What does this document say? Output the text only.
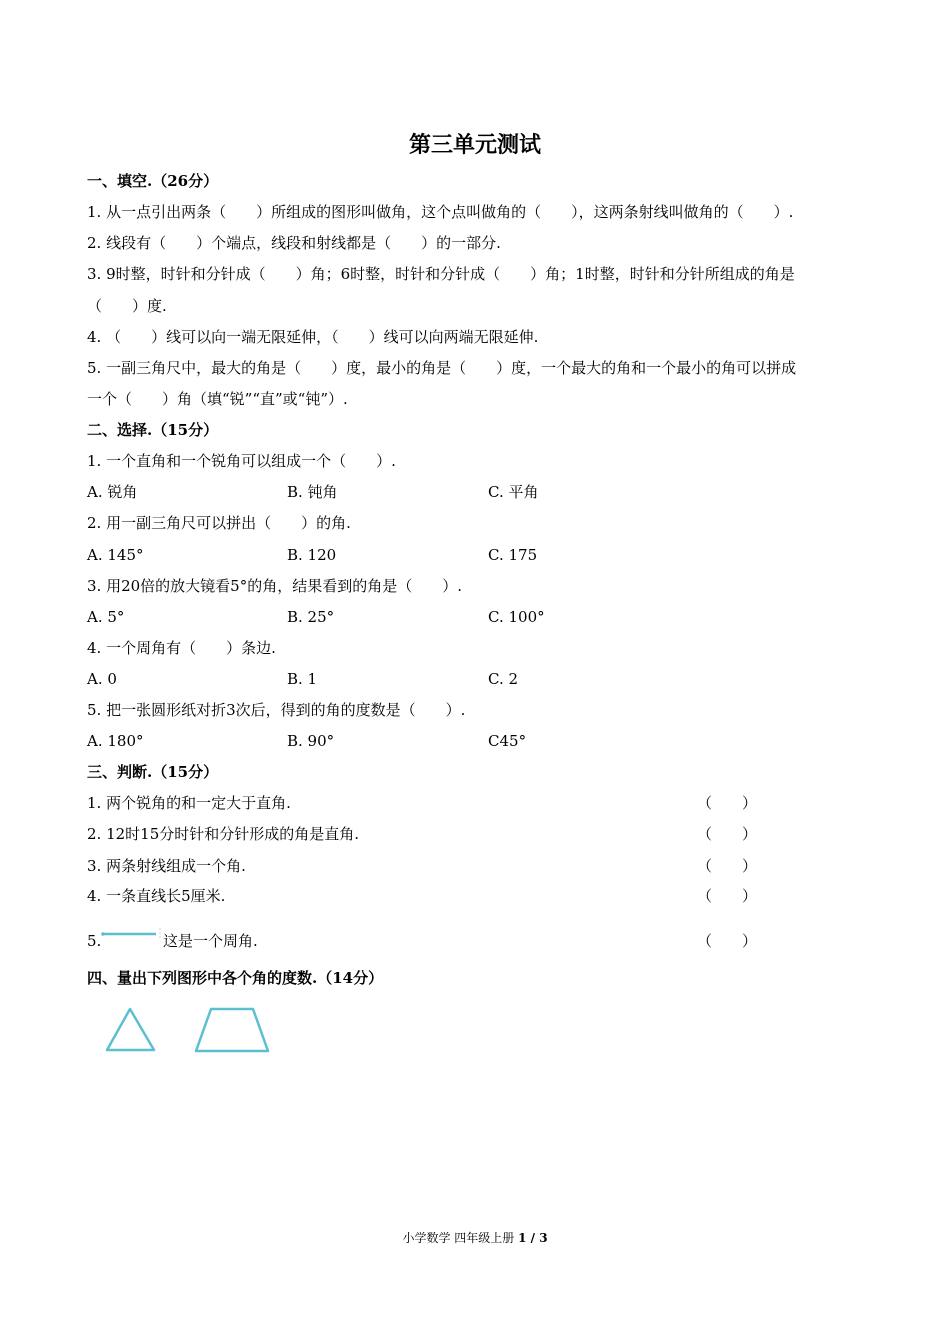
第三单元测试
一、填空.（26分）
1. 从一点引出两条（　　）所组成的图形叫做角，这个点叫做角的（　　），这两条射线叫做角的（　　）.
2. 线段有（　　）个端点，线段和射线都是（　　）的一部分.
3. 9时整，时针和分针成（　　）角；6时整，时针和分针成（　　）角；1时整，时针和分针所组成的角是
（　　）度.
4. （　　）线可以向一端无限延伸，（　　）线可以向两端无限延伸.
5. 一副三角尺中，最大的角是（　　）度，最小的角是（　　）度，一个最大的角和一个最小的角可以拼成
一个（　　）角（填“锐”“直”或“钝”）.
二、选择.（15分）
1. 一个直角和一个锐角可以组成一个（　　）.
A. 锐角	B. 钝角	C. 平角
2. 用一副三角尺可以拼出（　　）的角.
A. 145°	B. 120	C. 175
3. 用20倍的放大镜看5°的角，结果看到的角是（　　）.
A. 5°	B. 25°	C. 100°
4. 一个周角有（　　）条边.
A. 0	B. 1	C. 2
5. 把一张圆形纸对折3次后，得到的角的度数是（　　）.
A. 180°	B. 90°	C45°
三、判断.（15分）
1. 两个锐角的和一定大于直角.	（　　）
2. 12时15分时针和分针形成的角是直角.	（　　）
3. 两条射线组成一个角.	（　　）
4. 一条直线长5厘米.	（　　）
5.	这是一个周角.	（　　）
四、量出下列图形中各个角的度数.（14分）
小学数学 四年级上册 1 / 3
